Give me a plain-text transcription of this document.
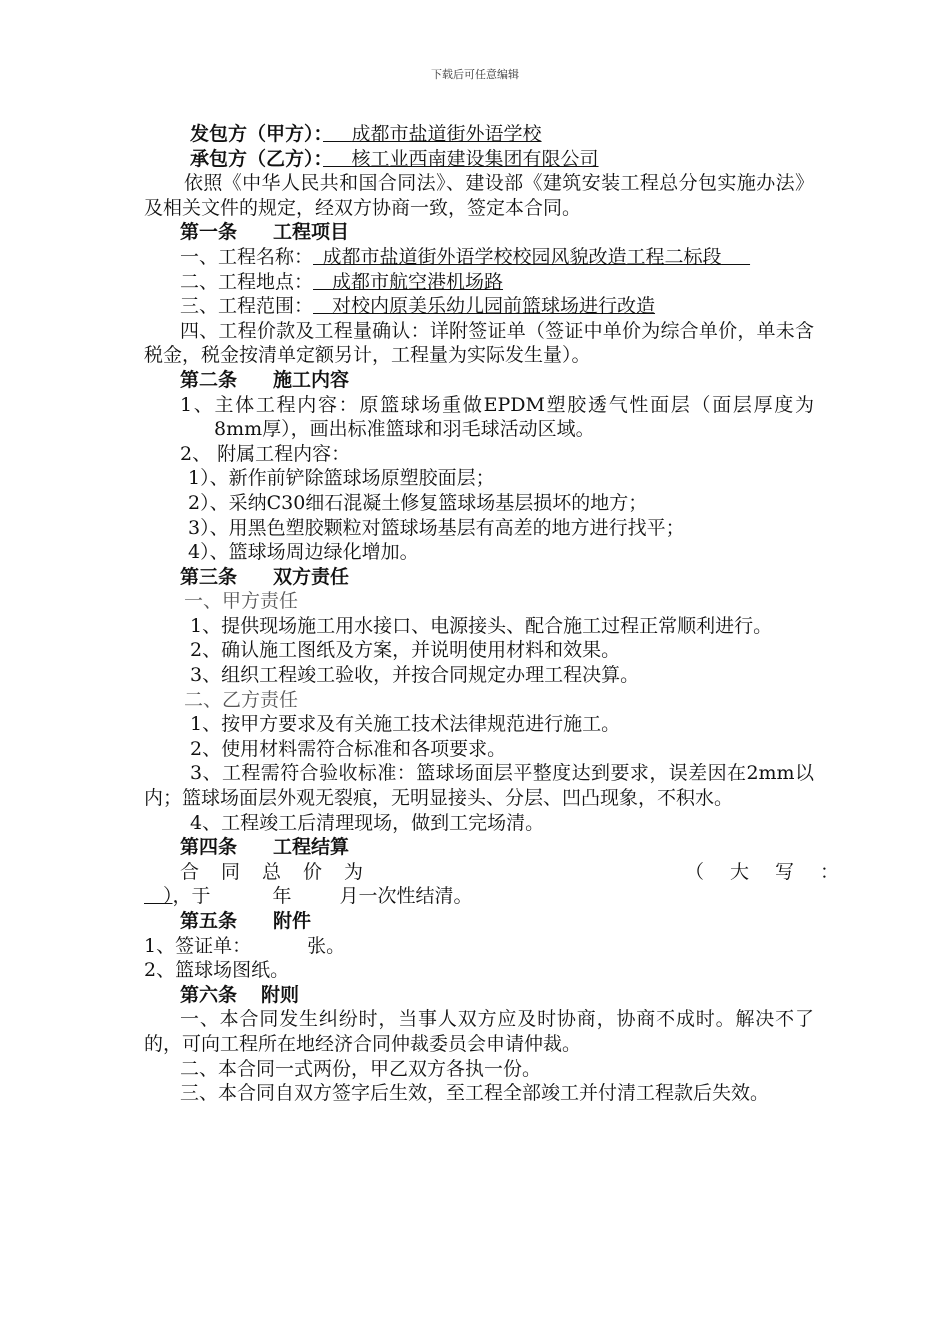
下载后可任意编辑
发包方（甲方）：　  成都市盐道街外语学校
承包方（乙方）：　  核工业西南建设集团有限公司
依照《中华人民共和国合同法》、建设部《建筑安装工程总分包实施办法》及相关文件的规定，经双方协商一致，签定本合同。
第一条 工程项目
一、工程名称：  成都市盐道街外语学校校园风貌改造工程二标段　 
二、工程地点：   成都市航空港机场路
三、工程范围：   对校内原美乐幼儿园前篮球场进行改造
四、工程价款及工程量确认：详附签证单（签证中单价为综合单价，单未含税金，税金按清单定额另计，工程量为实际发生量）。
第二条 施工内容
1、主体工程内容：原篮球场重做EPDM塑胶透气性面层（面层厚度为8mm厚），画出标准篮球和羽毛球活动区域。
2、 附属工程内容：
1）、新作前铲除篮球场原塑胶面层；
2）、采纳C30细石混凝土修复篮球场基层损坏的地方；
3）、用黑色塑胶颗粒对篮球场基层有高差的地方进行找平；
4）、篮球场周边绿化增加。
第三条 双方责任
一、甲方责任
1、提供现场施工用水接口、电源接头、配合施工过程正常顺利进行。
2、确认施工图纸及方案，并说明使用材料和效果。
3、组织工程竣工验收，并按合同规定办理工程决算。
二、乙方责任
1、按甲方要求及有关施工技术法律规范进行施工。
2、使用材料需符合标准和各项要求。
3、工程需符合验收标准：篮球场面层平整度达到要求，误差因在2mm以内；篮球场面层外观无裂痕，无明显接头、分层、凹凸现象，不积水。
4、工程竣工后清理现场，做到工完场清。
第四条 工程结算
合同总价为	（大写：
  ），于	年	月一次性结清。
第五条 附件
1、签证单：	张。
2、篮球场图纸。
第六条 附则
一、本合同发生纠纷时，当事人双方应及时协商，协商不成时。解决不了的，可向工程所在地经济合同仲裁委员会申请仲裁。
二、本合同一式两份，甲乙双方各执一份。
三、本合同自双方签字后生效，至工程全部竣工并付清工程款后失效。
